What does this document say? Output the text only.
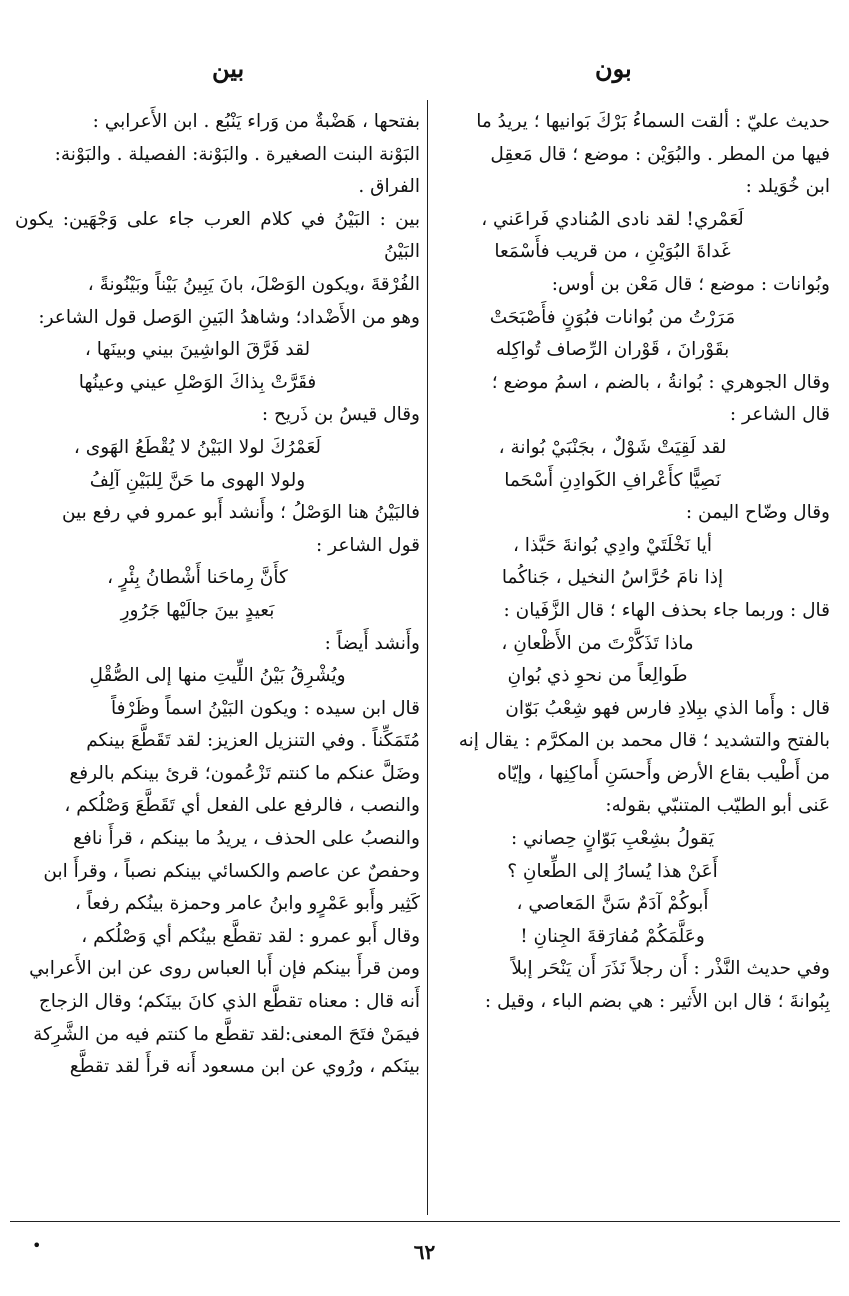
بون
بين

حديث عليّ : ألقت السماءُ بَرْكَ بَوانيها ؛ يريدُ ما

فيها من المطر . والبُوَيْن : موضع ؛ قال مَعقِل

ابن خُوَيلد :

لَعَمْري! لقد نادى المُنادي فَراعَني ،

غَداةَ البُوَيْنِ ، من قريب فأَسْمَعا

وبُوانات : موضع ؛ قال مَعْن بن أوس:

مَرَرْتُ من بُوانات فبُوَنٍ فأَصْبَحَتْ

بقَوْرانَ ، قَوْران الرِّصاف تُواكِله

وقال الجوهري : بُوانةُ ، بالضم ، اسمُ موضع ؛

قال الشاعر :

لقد لَقِيَتْ شَوْلٌ ، بجَنْبَيْ بُوانة ،

نَصِيًّا كأَعْرافِ الكَوادِنِ أَسْحَما

وقال وضّاح اليمن :

أيا نَخْلَتَيْ وادِي بُوانةَ حَبَّذا ،

إذا نامَ حُرَّاسُ النخيل ، جَناكُما

قال : وربما جاء بحذف الهاء ؛ قال الزَّفَيان :

ماذا تَذَكَّرْتَ من الأَظْعانِ ،

طَوالِعاً من نحوِ ذي بُوانِ

قال : وأَما الذي ببِلادِ فارس فهو شِعْبُ بَوّان

بالفتح والتشديد ؛ قال محمد بن المكرَّم : يقال إنه

من أَطْيب بقاع الأرض وأَحسَنِ أَماكِنِها ، وإيّاه

عَنى أبو الطيّب المتنبّي بقوله:

يَقولُ بشِعْبِ بَوّانٍ حِصاني :

أَعَنْ هذا يُسارُ إلى الطِّعانِ ؟

أَبوكُمْ آدَمٌ سَنَّ المَعاصي ،

وعَلَّمَكُمْ مُفارَقةَ الجِنانِ !

وفي حديث النَّذْر : أَن رجلاً نَذَرَ أَن يَنْحَر إبلاً

بِبُوانةَ ؛ قال ابن الأَثير : هي بضم الباء ، وقيل :

بفتحها ، هَضْبةٌ من وَراء يَنْبُع . ابن الأَعرابي :

البَوْنة البنت الصغيرة . والبَوْنة: الفصيلة . والبَوْنة:

الفراق .

بين : البَيْنُ في كلام العرب جاء على وَجْهَين: يكون البَيْنُ

الفُرْقةَ ،ويكون الوَصْلَ، بانَ يَبِينُ بَيْناً وبَيْنُونةً ،

وهو من الأَضْداد؛ وشاهدُ البَينِ الوَصل قول الشاعر:

لقد فَرَّقَ الواشِينَ بيني وبينَها ،

فقَرَّتْ بِذاكَ الوَصْلِ عيني وعينُها

وقال قيسُ بن ذَريح :

لَعَمْرُكَ لولا البَيْنُ لا يُقْطَعُ الهَوى ،

ولولا الهوى ما حَنَّ لِلبَيْنِ آلِفُ

فالبَيْنُ هنا الوَصْلُ ؛ وأَنشد أَبو عمرو في رفع بين

قول الشاعر :

كأَنَّ رِماحَنا أَشْطانُ بِئْرٍ ،

بَعيدٍ بينَ جالَيْها جَرُورِ

وأَنشد أَيضاً :

ويُشْرِقُ بَيْنُ اللِّيتِ منها إلى الصُّقْلِ

قال ابن سيده : ويكون البَيْنُ اسماً وظَرْفاً

مُتَمَكِّناً . وفي التنزيل العزيز: لقد تَقَطَّعَ بينكم

وضَلَّ عنكم ما كنتم تَزْعُمون؛ قرئ بينكم بالرفع

والنصب ، فالرفع على الفعل أي تَقَطَّعَ وَصْلُكم ،

والنصبُ على الحذف ، يريدُ ما بينكم ، قرأَ نافع

وحفصٌ عن عاصم والكسائي بينكم نصباً ، وقرأَ ابن

كَثِير وأَبو عَمْرٍو وابنُ عامر وحمزة بينُكم رفعاً ،

وقال أَبو عمرو : لقد تقطَّع بينُكم أي وَصْلُكم ،

ومن قرأَ بينكم فإن أَبا العباس روى عن ابن الأَعرابي

أَنه قال : معناه تقطَّع الذي كانَ بينَكم؛ وقال الزجاج

فيمَنْ فتَحَ المعنى:لقد تقطَّع ما كنتم فيه من الشَّرِكة

بينَكم ، ورُوي عن ابن مسعود أَنه قرأَ لقد تقطَّع

•	٦٢
